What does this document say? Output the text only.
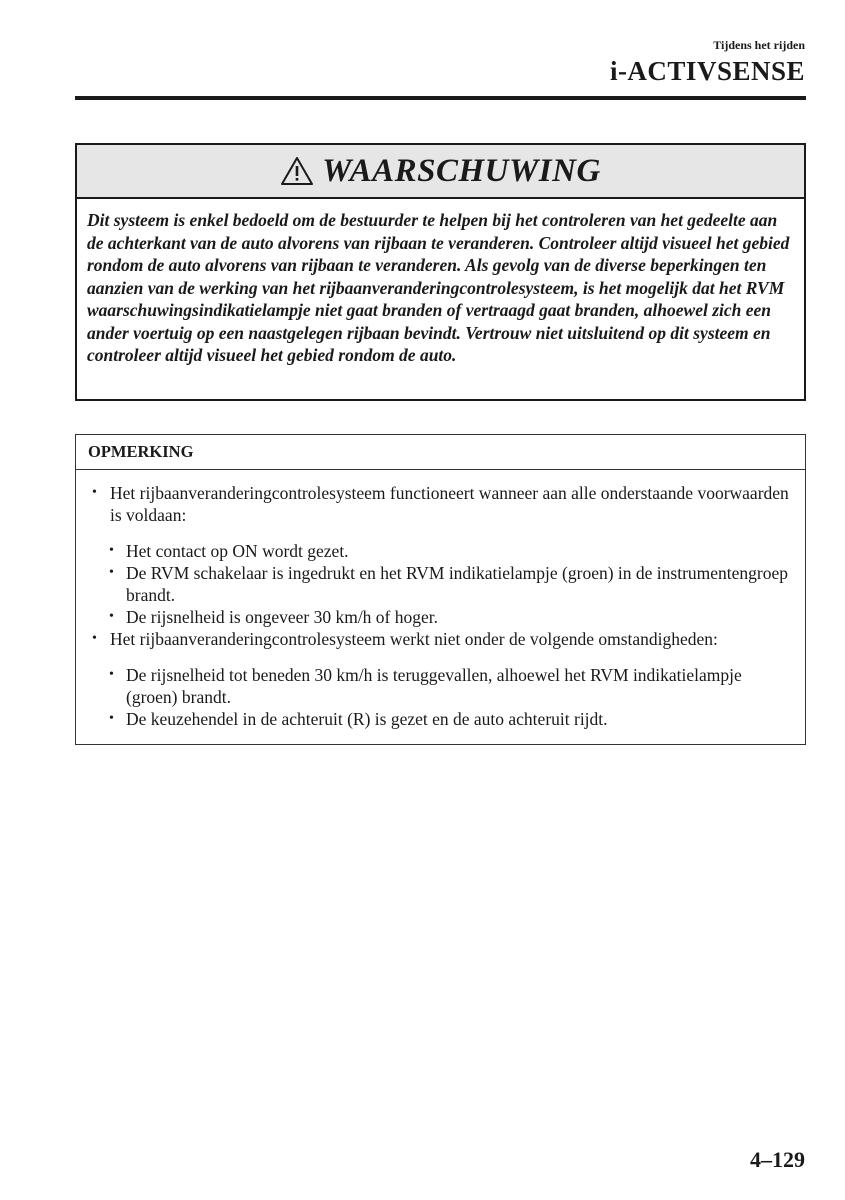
Tijdens het rijden
i-ACTIVSENSE
WAARSCHUWING
Dit systeem is enkel bedoeld om de bestuurder te helpen bij het controleren van het gedeelte aan de achterkant van de auto alvorens van rijbaan te veranderen. Controleer altijd visueel het gebied rondom de auto alvorens van rijbaan te veranderen. Als gevolg van de diverse beperkingen ten aanzien van de werking van het rijbaanveranderingcontrolesysteem, is het mogelijk dat het RVM waarschuwingsindikatielampje niet gaat branden of vertraagd gaat branden, alhoewel zich een ander voertuig op een naastgelegen rijbaan bevindt. Vertrouw niet uitsluitend op dit systeem en controleer altijd visueel het gebied rondom de auto.
OPMERKING
• Het rijbaanveranderingcontrolesysteem functioneert wanneer aan alle onderstaande voorwaarden is voldaan:
• Het contact op ON wordt gezet.
• De RVM schakelaar is ingedrukt en het RVM indikatielampje (groen) in de instrumentengroep brandt.
• De rijsnelheid is ongeveer 30 km/h of hoger.
• Het rijbaanveranderingcontrolesysteem werkt niet onder de volgende omstandigheden:
• De rijsnelheid tot beneden 30 km/h is teruggevallen, alhoewel het RVM indikatielampje (groen) brandt.
• De keuzehendel in de achteruit (R) is gezet en de auto achteruit rijdt.
4–129
